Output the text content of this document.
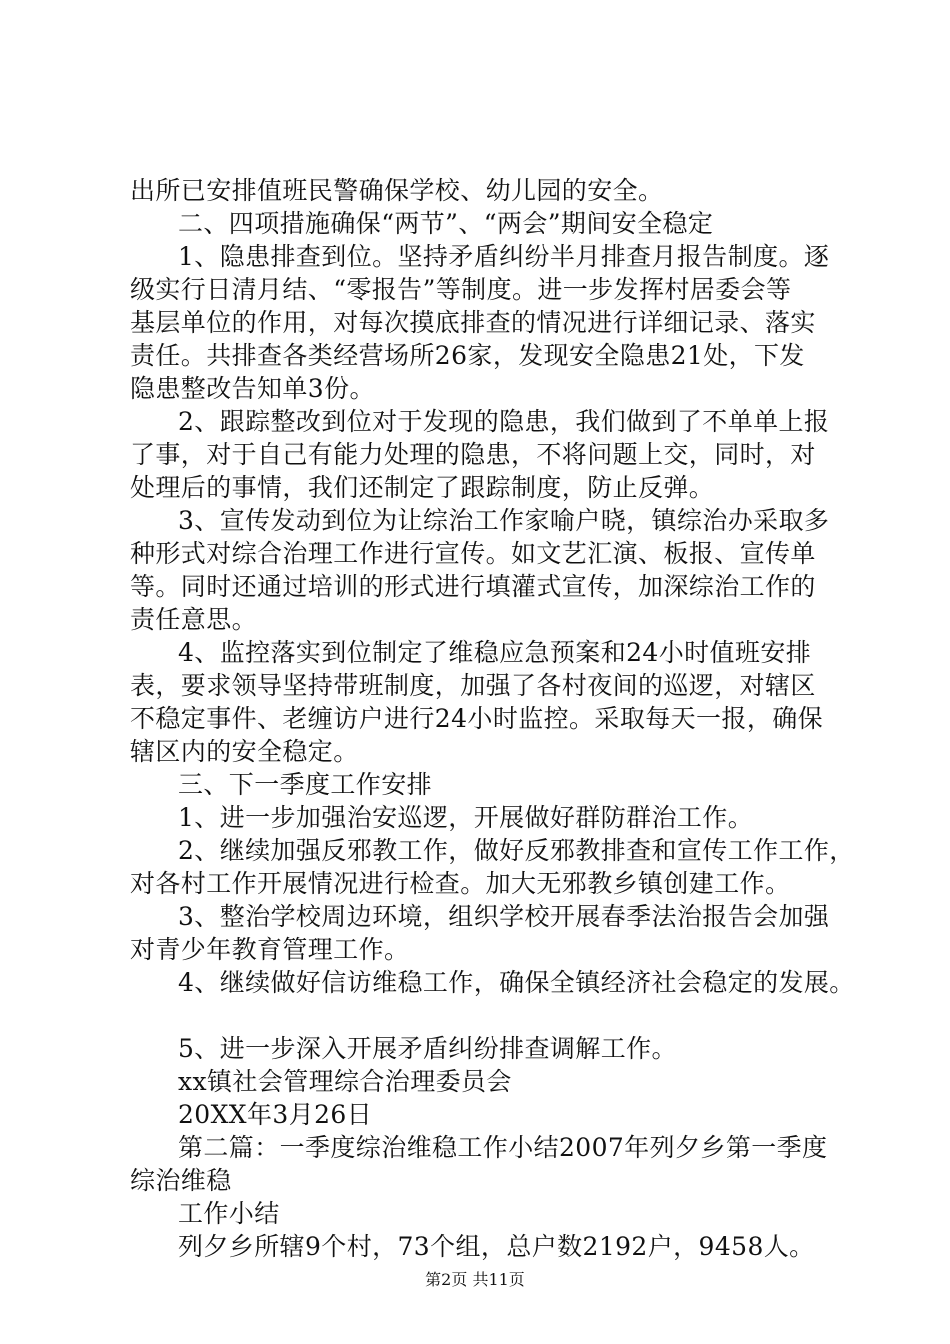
出所已安排值班民警确保学校、幼儿园的安全。
二、四项措施确保“两节”、“两会”期间安全稳定
1、隐患排查到位。坚持矛盾纠纷半月排查月报告制度。逐
级实行日清月结、“零报告”等制度。进一步发挥村居委会等
基层单位的作用，对每次摸底排查的情况进行详细记录、落实
责任。共排查各类经营场所26家，发现安全隐患21处，下发
隐患整改告知单3份。
2、跟踪整改到位对于发现的隐患，我们做到了不单单上报
了事，对于自己有能力处理的隐患，不将问题上交，同时，对
处理后的事情，我们还制定了跟踪制度，防止反弹。
3、宣传发动到位为让综治工作家喻户晓，镇综治办采取多
种形式对综合治理工作进行宣传。如文艺汇演、板报、宣传单
等。同时还通过培训的形式进行填灌式宣传，加深综治工作的
责任意思。
4、监控落实到位制定了维稳应急预案和24小时值班安排
表，要求领导坚持带班制度，加强了各村夜间的巡逻，对辖区
不稳定事件、老缠访户进行24小时监控。采取每天一报，确保
辖区内的安全稳定。
三、下一季度工作安排
1、进一步加强治安巡逻，开展做好群防群治工作。
2、继续加强反邪教工作，做好反邪教排查和宣传工作工作，
对各村工作开展情况进行检查。加大无邪教乡镇创建工作。
3、整治学校周边环境，组织学校开展春季法治报告会加强
对青少年教育管理工作。
4、继续做好信访维稳工作，确保全镇经济社会稳定的发展。
5、进一步深入开展矛盾纠纷排查调解工作。
xx镇社会管理综合治理委员会
20XX年3月26日
第二篇：一季度综治维稳工作小结2007年列夕乡第一季度
综治维稳
工作小结
列夕乡所辖9个村，73个组，总户数2192户，9458人。
第2页 共11页
